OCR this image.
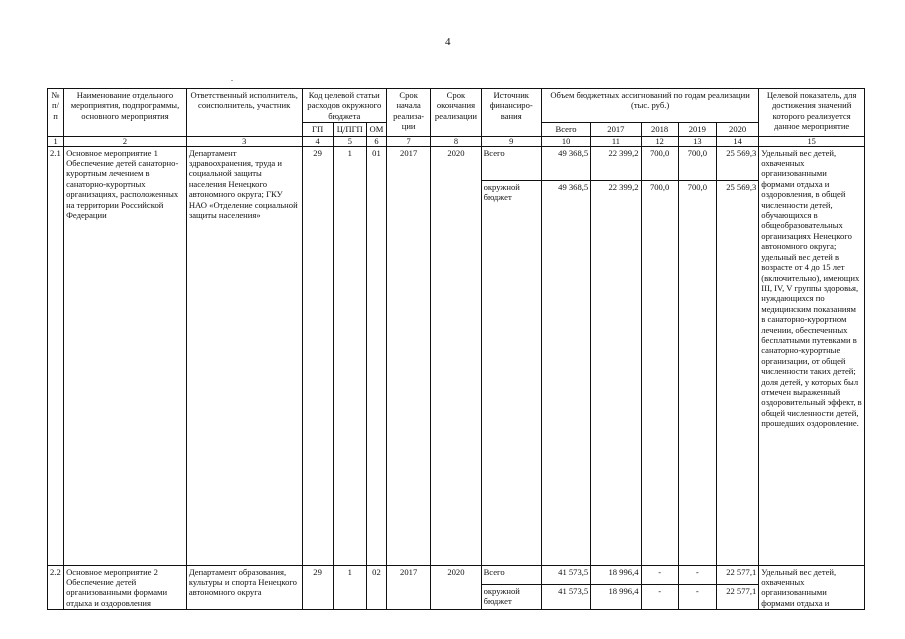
4
.
№ п/п	Наименование отдельного мероприятия, подпрограммы, основного мероприятия	Ответственный исполнитель, соисполнитель, участник	Код целевой статьи расходов окружного бюджета			Срок начала реализа-ции	Срок окончания реализации	Источник финансиро-вания	Объем бюджетных ассигнований по годам реализации (тыс. руб.)					Целевой показатель, для достижения значений которого реализуется данное мероприятие
			ГП	Ц/ПГП	ОМ				Всего	2017	2018	2019	2020	
1	2	3	4	5	6	7	8	9	10	11	12	13	14	15
2.1	Основное мероприятие 1 Обеспечение детей санаторно-курортным лечением в санаторно-курортных организациях, расположенных на территории Российской Федерации	Департамент здравоохранения, труда и социальной защиты населения Ненецкого автономного округа; ГКУ НАО «Отделение социальной защиты населения»	29	1	01	2017	2020	Всего	49 368,5	22 399,2	700,0	700,0	25 569,3	Удельный вес детей, охваченных организованными формами отдыха и оздоровления, в общей численности детей, обучающихся в общеобразовательных организациях Ненецкого автономного округа; удельный вес детей в возрасте от 4 до 15 лет (включительно), имеющих III, IV, V группы здоровья, нуждающихся по медицинским показаниям в санаторно-курортном лечении, обеспеченных бесплатными путевками в санаторно-курортные организации, от общей численности таких детей; доля детей, у которых был отмечен выраженный оздоровительный эффект, в общей численности детей, прошедших оздоровление.
								окружной бюджет	49 368,5	22 399,2	700,0	700,0	25 569,3	
2.2	Основное мероприятие 2 Обеспечение детей организованными формами отдыха и оздоровления	Департамент образования, культуры и спорта Ненецкого автономного округа	29	1	02	2017	2020	Всего	41 573,5	18 996,4	-	-	22 577,1	Удельный вес детей, охваченных организованными формами отдыха и
								окружной бюджет	41 573,5	18 996,4	-	-	22 577,1	
